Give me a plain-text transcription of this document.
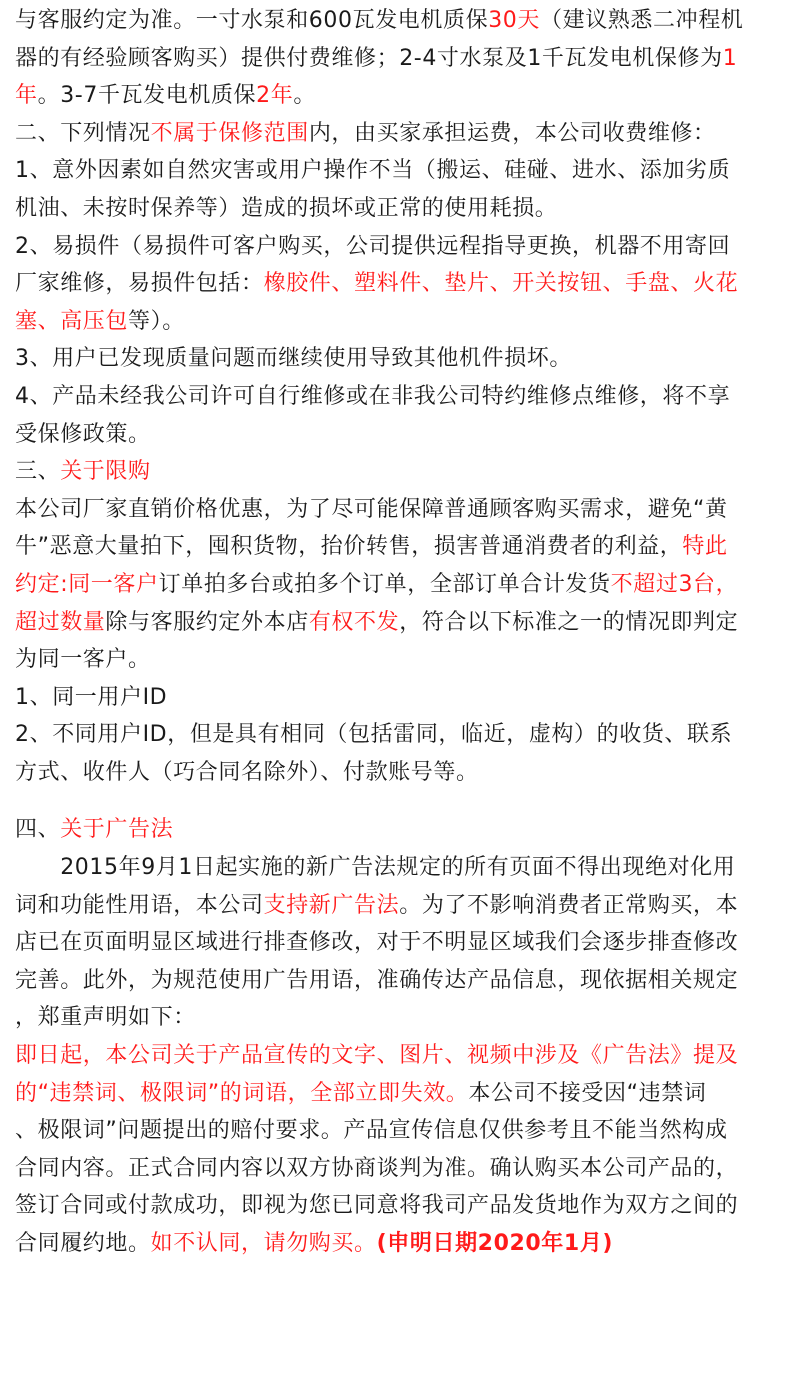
与客服约定为准。一寸水泵和600瓦发电机质保30天（建议熟悉二冲程机
器的有经验顾客购买）提供付费维修；2-4寸水泵及1千瓦发电机保修为1
年。3-7千瓦发电机质保2年。
二、下列情况不属于保修范围内，由买家承担运费，本公司收费维修：
1、意外因素如自然灾害或用户操作不当（搬运、硅碰、进水、添加劣质
机油、未按时保养等）造成的损坏或正常的使用耗损。
2、易损件（易损件可客户购买，公司提供远程指导更换，机器不用寄回
厂家维修，易损件包括：橡胶件、塑料件、垫片、开关按钮、手盘、火花
塞、高压包等）。
3、用户已发现质量问题而继续使用导致其他机件损坏。
4、产品未经我公司许可自行维修或在非我公司特约维修点维修，将不享
受保修政策。
三、关于限购
本公司厂家直销价格优惠，为了尽可能保障普通顾客购买需求，避免“黄
牛”恶意大量拍下，囤积货物，抬价转售，损害普通消费者的利益，特此
约定:同一客户订单拍多台或拍多个订单，全部订单合计发货不超过3台，
超过数量除与客服约定外本店有权不发，符合以下标准之一的情况即判定
为同一客户。
1、同一用户ID
2、不同用户ID，但是具有相同（包括雷同，临近，虚构）的收货、联系
方式、收件人（巧合同名除外）、付款账号等。
四、关于广告法
　　2015年9月1日起实施的新广告法规定的所有页面不得出现绝对化用
词和功能性用语，本公司支持新广告法。为了不影响消费者正常购买，本
店已在页面明显区域进行排查修改，对于不明显区域我们会逐步排查修改
完善。此外，为规范使用广告用语，准确传达产品信息，现依据相关规定
，郑重声明如下：
即日起，本公司关于产品宣传的文字、图片、视频中涉及《广告法》提及
的“违禁词、极限词”的词语，全部立即失效。本公司不接受因“违禁词
、极限词”问题提出的赔付要求。产品宣传信息仅供参考且不能当然构成
合同内容。正式合同内容以双方协商谈判为准。确认购买本公司产品的，
签订合同或付款成功，即视为您已同意将我司产品发货地作为双方之间的
合同履约地。如不认同，请勿购买。(申明日期2020年1月)
